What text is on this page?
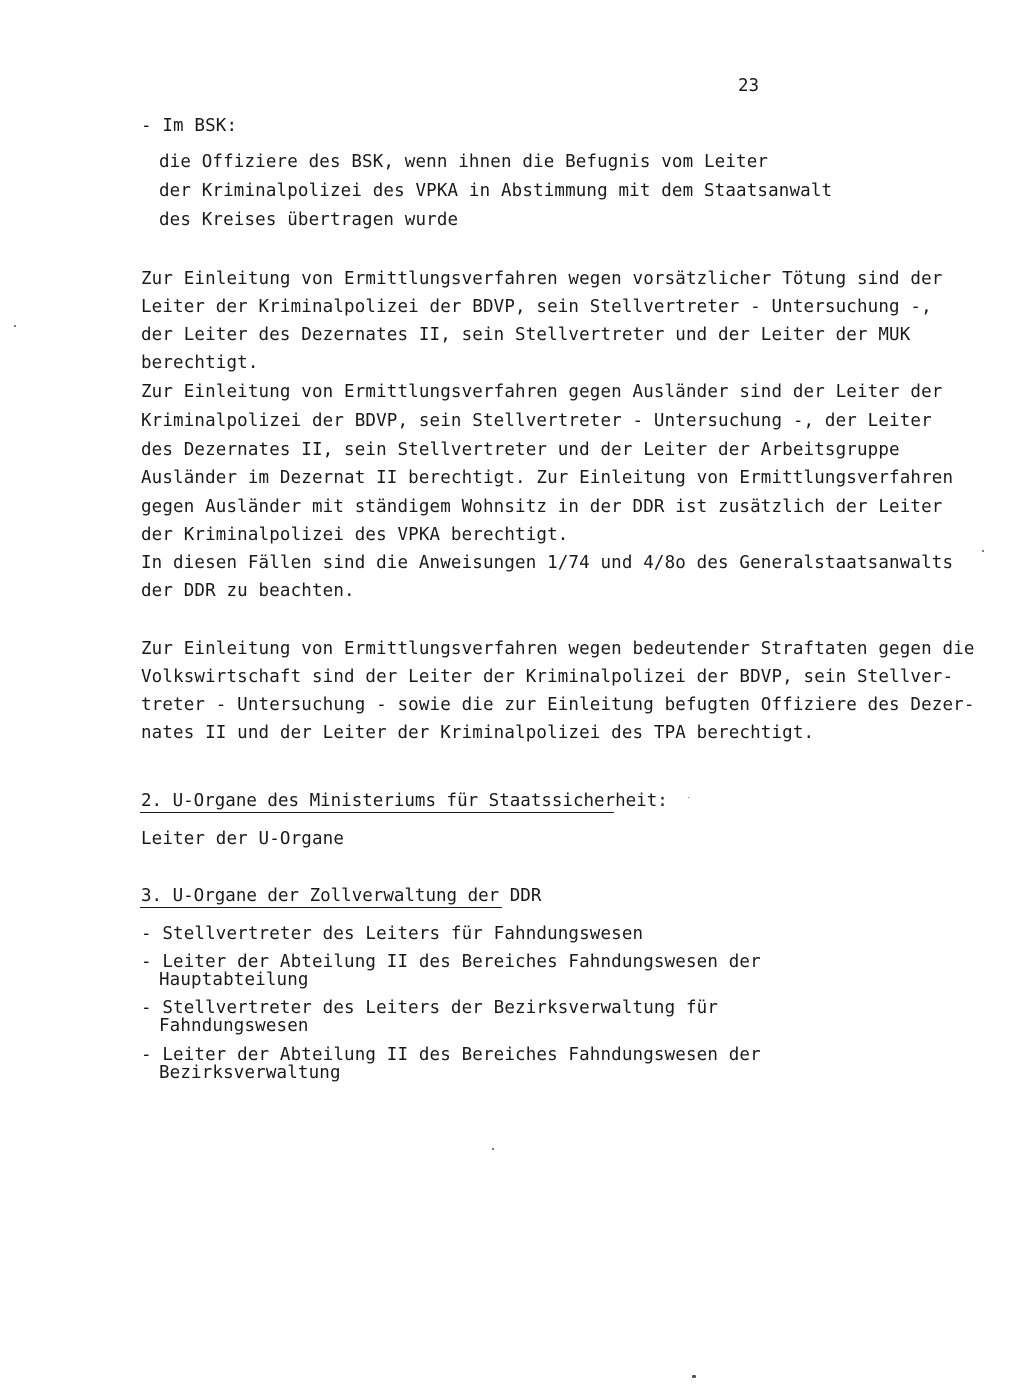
23
- Im BSK:
die Offiziere des BSK, wenn ihnen die Befugnis vom Leiter
der Kriminalpolizei des VPKA in Abstimmung mit dem Staatsanwalt
des Kreises übertragen wurde
Zur Einleitung von Ermittlungsverfahren wegen vorsätzlicher Tötung sind der
Leiter der Kriminalpolizei der BDVP, sein Stellvertreter - Untersuchung -,
der Leiter des Dezernates II, sein Stellvertreter und der Leiter der MUK
berechtigt.
Zur Einleitung von Ermittlungsverfahren gegen Ausländer sind der Leiter der
Kriminalpolizei der BDVP, sein Stellvertreter - Untersuchung -, der Leiter
des Dezernates II, sein Stellvertreter und der Leiter der Arbeitsgruppe
Ausländer im Dezernat II berechtigt. Zur Einleitung von Ermittlungsverfahren
gegen Ausländer mit ständigem Wohnsitz in der DDR ist zusätzlich der Leiter
der Kriminalpolizei des VPKA berechtigt.
In diesen Fällen sind die Anweisungen 1/74 und 4/8o des Generalstaatsanwalts
der DDR zu beachten.
Zur Einleitung von Ermittlungsverfahren wegen bedeutender Straftaten gegen die
Volkswirtschaft sind der Leiter der Kriminalpolizei der BDVP, sein Stellver-
treter - Untersuchung - sowie die zur Einleitung befugten Offiziere des Dezer-
nates II und der Leiter der Kriminalpolizei des TPA berechtigt.
2. U-Organe des Ministeriums für Staatssicherheit:
Leiter der U-Organe
3. U-Organe der Zollverwaltung der DDR
- Stellvertreter des Leiters für Fahndungswesen
- Leiter der Abteilung II des Bereiches Fahndungswesen der
Hauptabteilung
- Stellvertreter des Leiters der Bezirksverwaltung für
Fahndungswesen
- Leiter der Abteilung II des Bereiches Fahndungswesen der
Bezirksverwaltung
